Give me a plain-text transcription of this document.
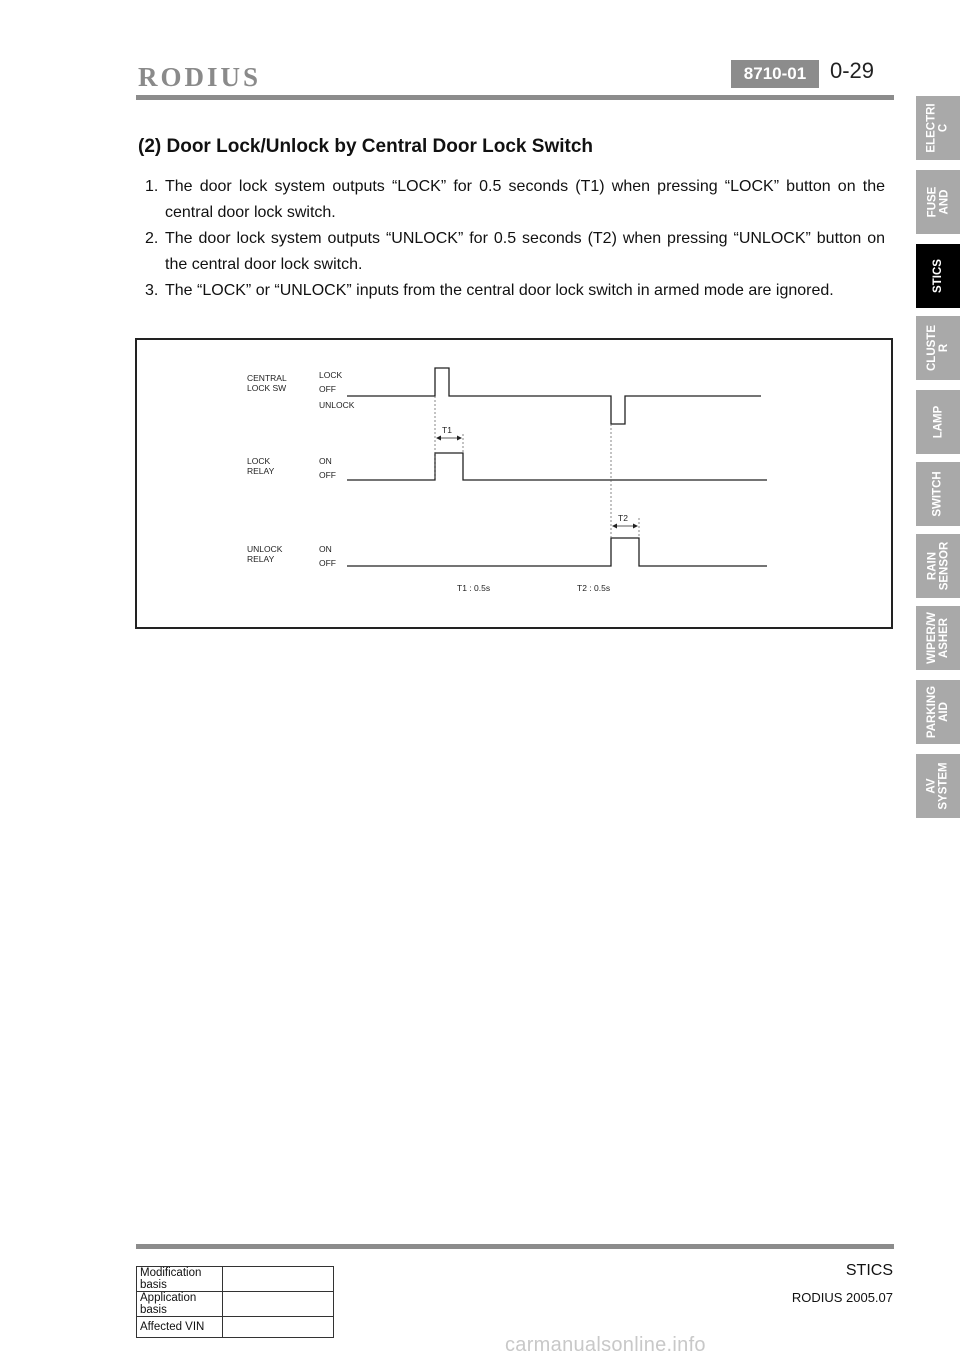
RODIUS	8710-01	0-29
(2) Door Lock/Unlock by Central Door Lock Switch
1. The door lock system outputs “LOCK” for 0.5 seconds (T1) when pressing “LOCK” button on the central door lock switch.
2. The door lock system outputs “UNLOCK” for 0.5 seconds (T2) when pressing “UNLOCK” button on the central door lock switch.
3. The “LOCK” or “UNLOCK” inputs from the central door lock switch in armed mode are ignored.
CENTRAL
LOCK SW
LOCK
RELAY
UNLOCK
RELAY
LOCK
OFF
UNLOCK
ON
OFF
ON
OFF
T1
T2
T1 : 0.5s	T2 : 0.5s
ELECTRI
C
FUSE
AND
STICS
CLUSTE
R
LAMP
SWITCH
RAIN
SENSOR
WIPER/W
ASHER
PARKING
AID
AV
SYSTEM
STICS
RODIUS 2005.07
Modification basis	
Application basis	
Affected VIN	
carmanualsonline.info
